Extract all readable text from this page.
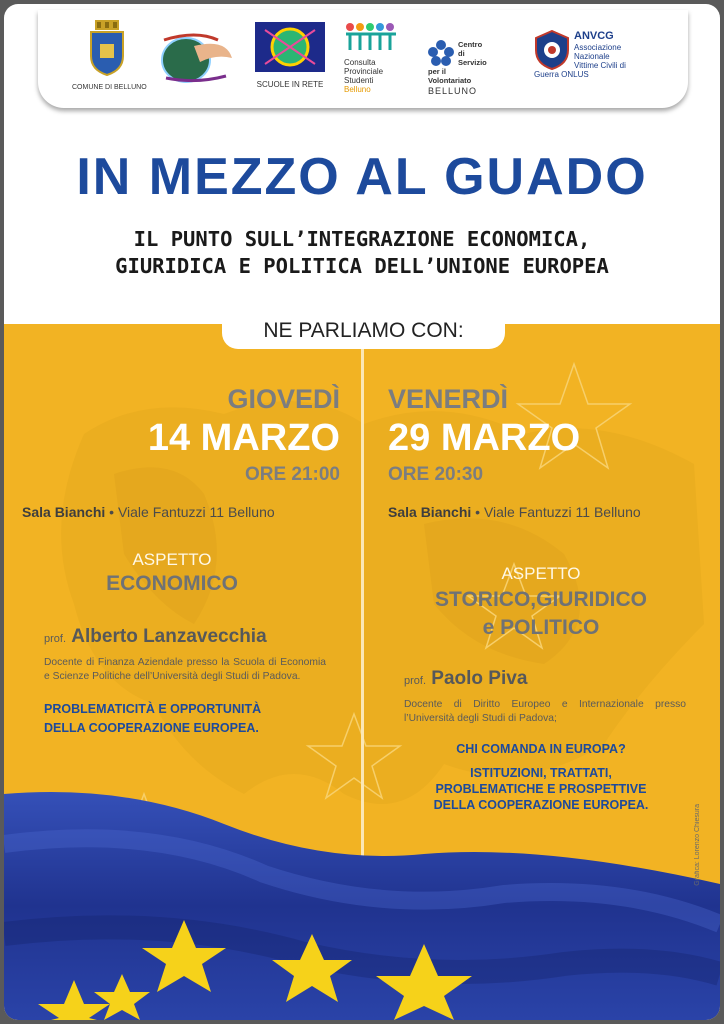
COMUNE DI BELLUNO	SCUOLE IN RETE
Consulta Provinciale Studenti
Belluno
Centro di Servizio per il Volontariato
BELLUNO
ANVCG
Associazione Nazionale Vittime Civili di Guerra ONLUS
IN MEZZO AL GUADO
IL PUNTO SULL’INTEGRAZIONE ECONOMICA,
GIURIDICA E POLITICA DELL’UNIONE EUROPEA
NE PARLIAMO CON:
GIOVEDÌ
14 MARZO
ORE 21:00
Sala Bianchi • Viale Fantuzzi 11 Belluno
ASPETTO
ECONOMICO
prof. Alberto Lanzavecchia
Docente di Finanza Aziendale presso la Scuola di Economia e Scienze Politiche dell’Università degli Studi di Padova.
PROBLEMATICITÀ E OPPORTUNITÀ
DELLA COOPERAZIONE EUROPEA.
VENERDÌ
29 MARZO
ORE 20:30
Sala Bianchi • Viale Fantuzzi 11 Belluno
ASPETTO
STORICO,GIURIDICO
e POLITICO
prof. Paolo Piva
Docente di Diritto Europeo e Internazionale presso l’Università degli Studi di Padova;
CHI COMANDA IN EUROPA?
ISTITUZIONI, TRATTATI,
PROBLEMATICHE E PROSPETTIVE
DELLA COOPERAZIONE EUROPEA.	Grafica: Lorenzo Chiesura
